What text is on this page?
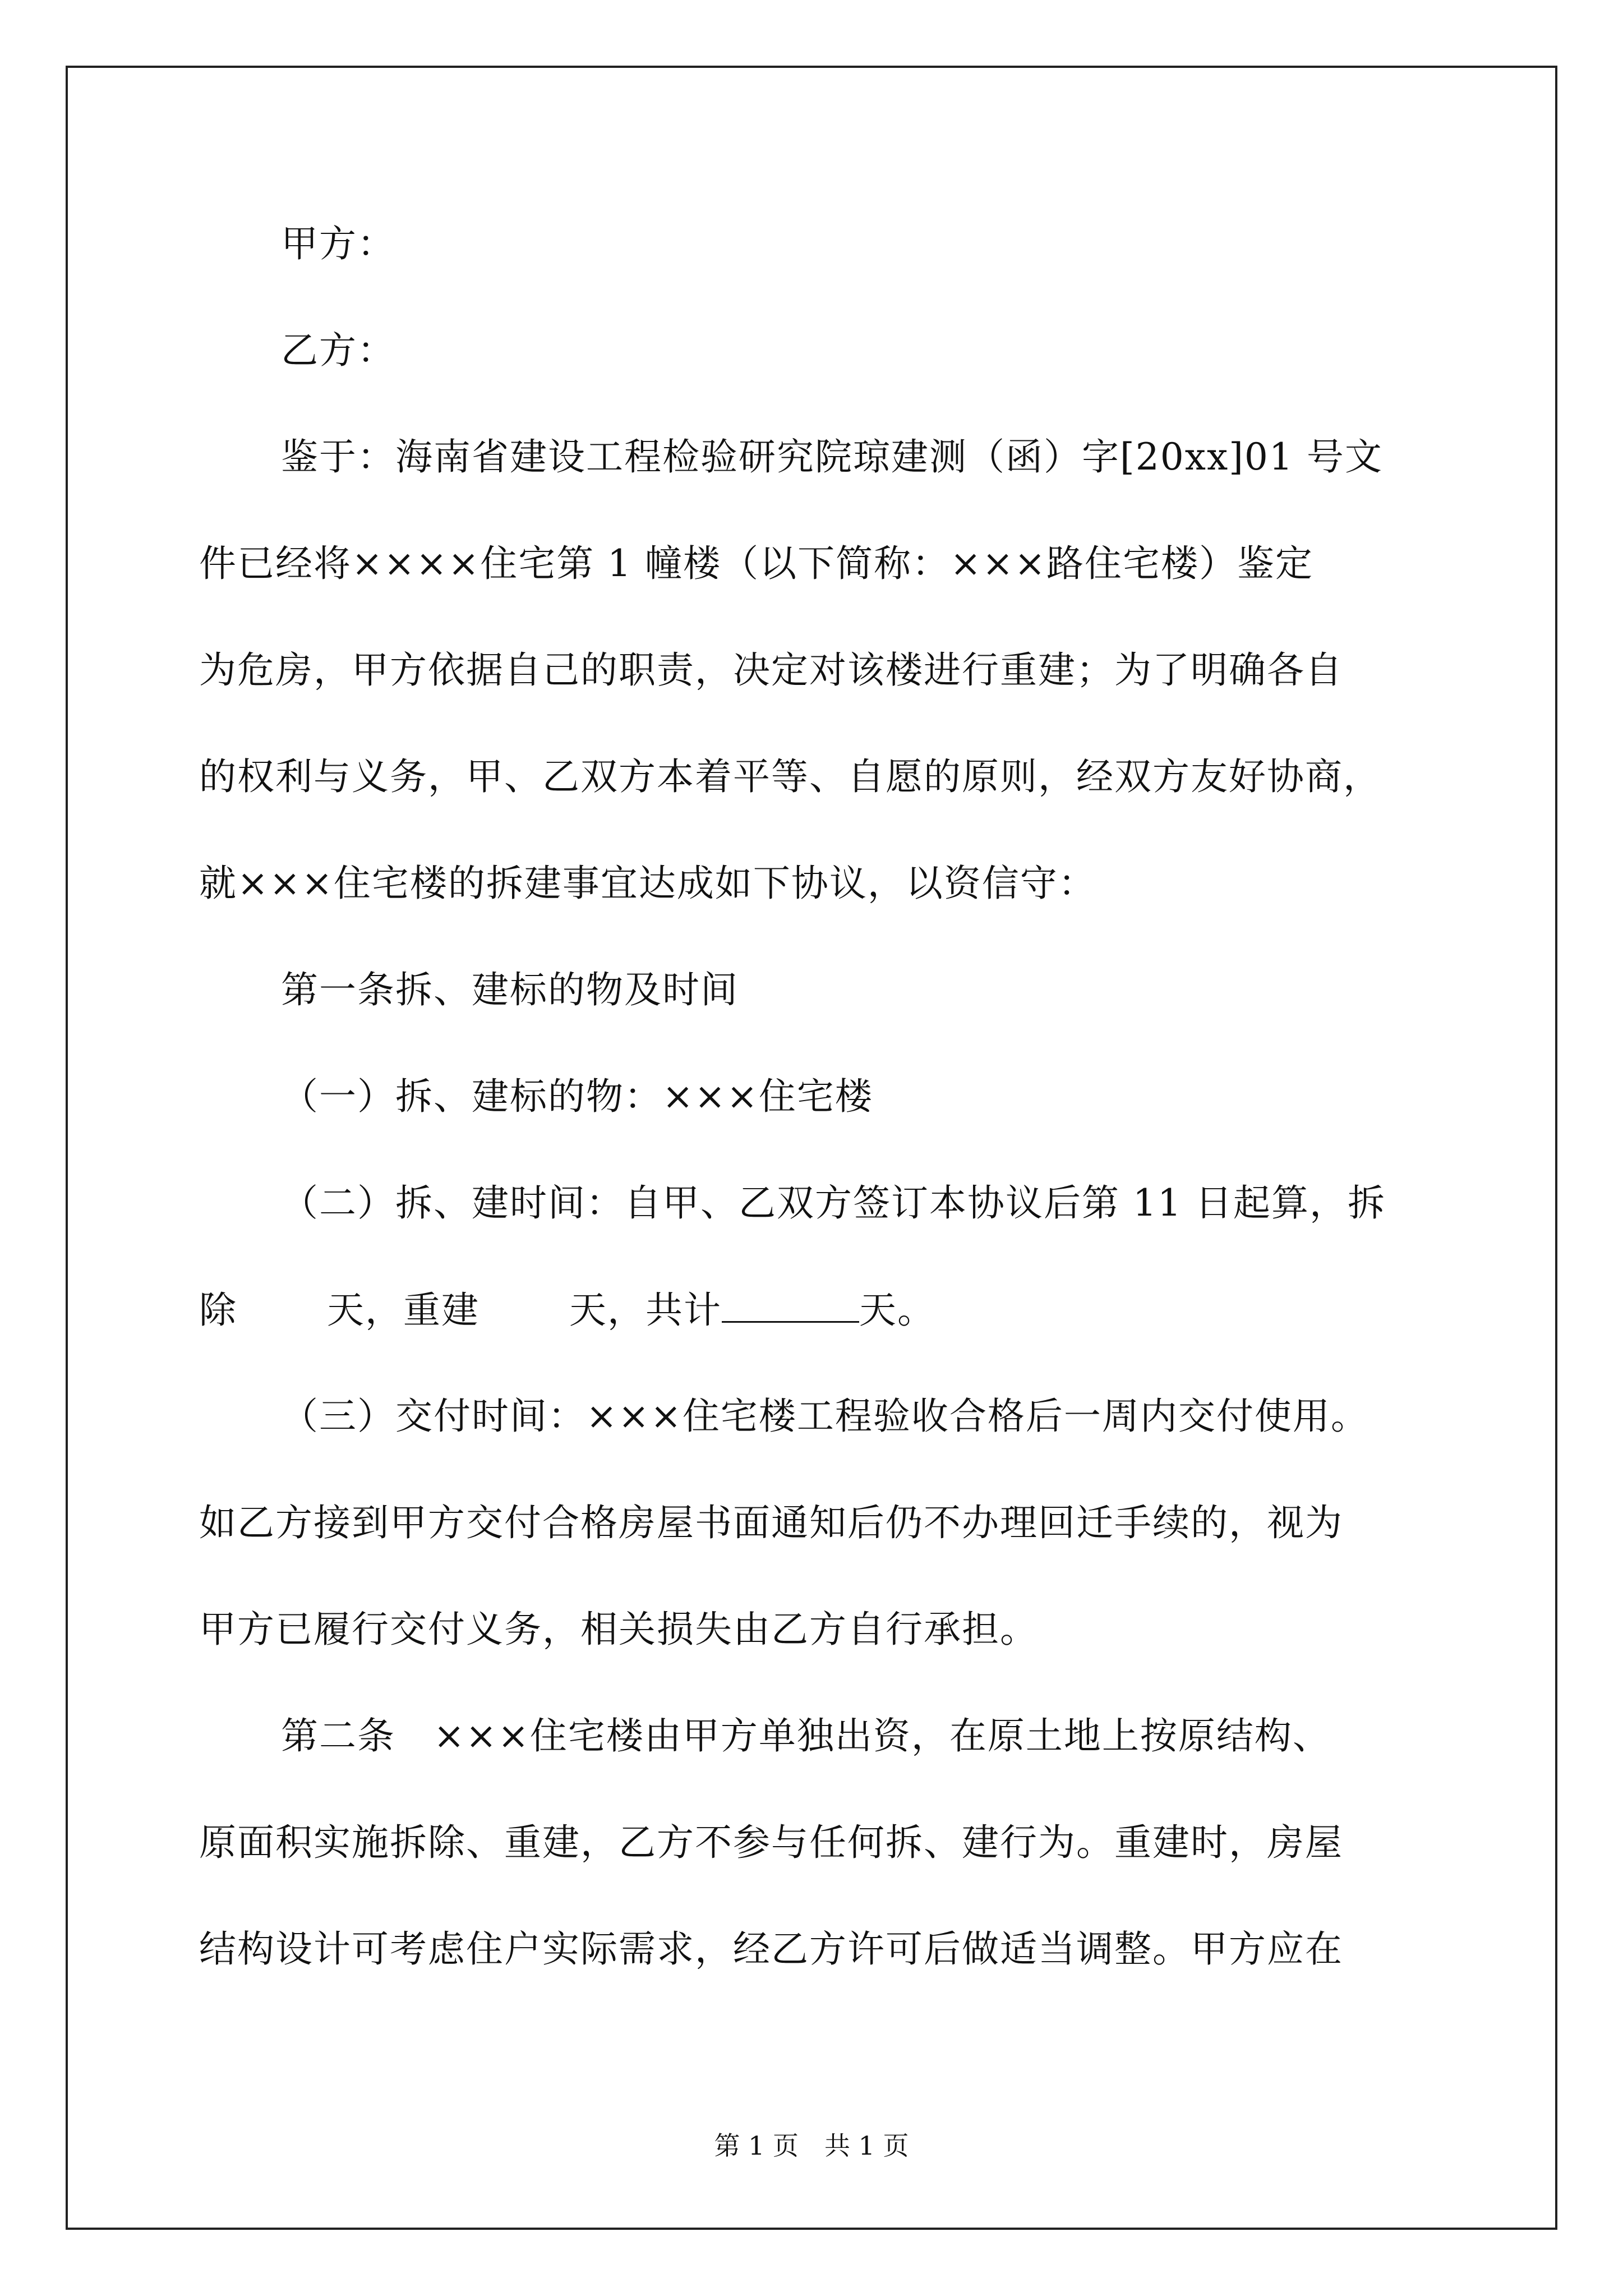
甲方：
乙方：
鉴于：海南省建设工程检验研究院琼建测（函）字[20xx]01 号文
件已经将××××住宅第 1 幢楼（以下简称：×××路住宅楼）鉴定
为危房，甲方依据自己的职责，决定对该楼进行重建；为了明确各自
的权利与义务，甲、乙双方本着平等、自愿的原则，经双方友好协商，
就×××住宅楼的拆建事宜达成如下协议，以资信守：
第一条拆、建标的物及时间
（一）拆、建标的物：×××住宅楼
（二）拆、建时间：自甲、乙双方签订本协议后第 11 日起算，拆
除 天，重建 天，共计	天。
（三）交付时间：×××住宅楼工程验收合格后一周内交付使用。
如乙方接到甲方交付合格房屋书面通知后仍不办理回迁手续的，视为
甲方已履行交付义务，相关损失由乙方自行承担。
第二条　×××住宅楼由甲方单独出资，在原土地上按原结构、
原面积实施拆除、重建，乙方不参与任何拆、建行为。重建时，房屋
结构设计可考虑住户实际需求，经乙方许可后做适当调整。甲方应在
第 1 页　共 1 页
